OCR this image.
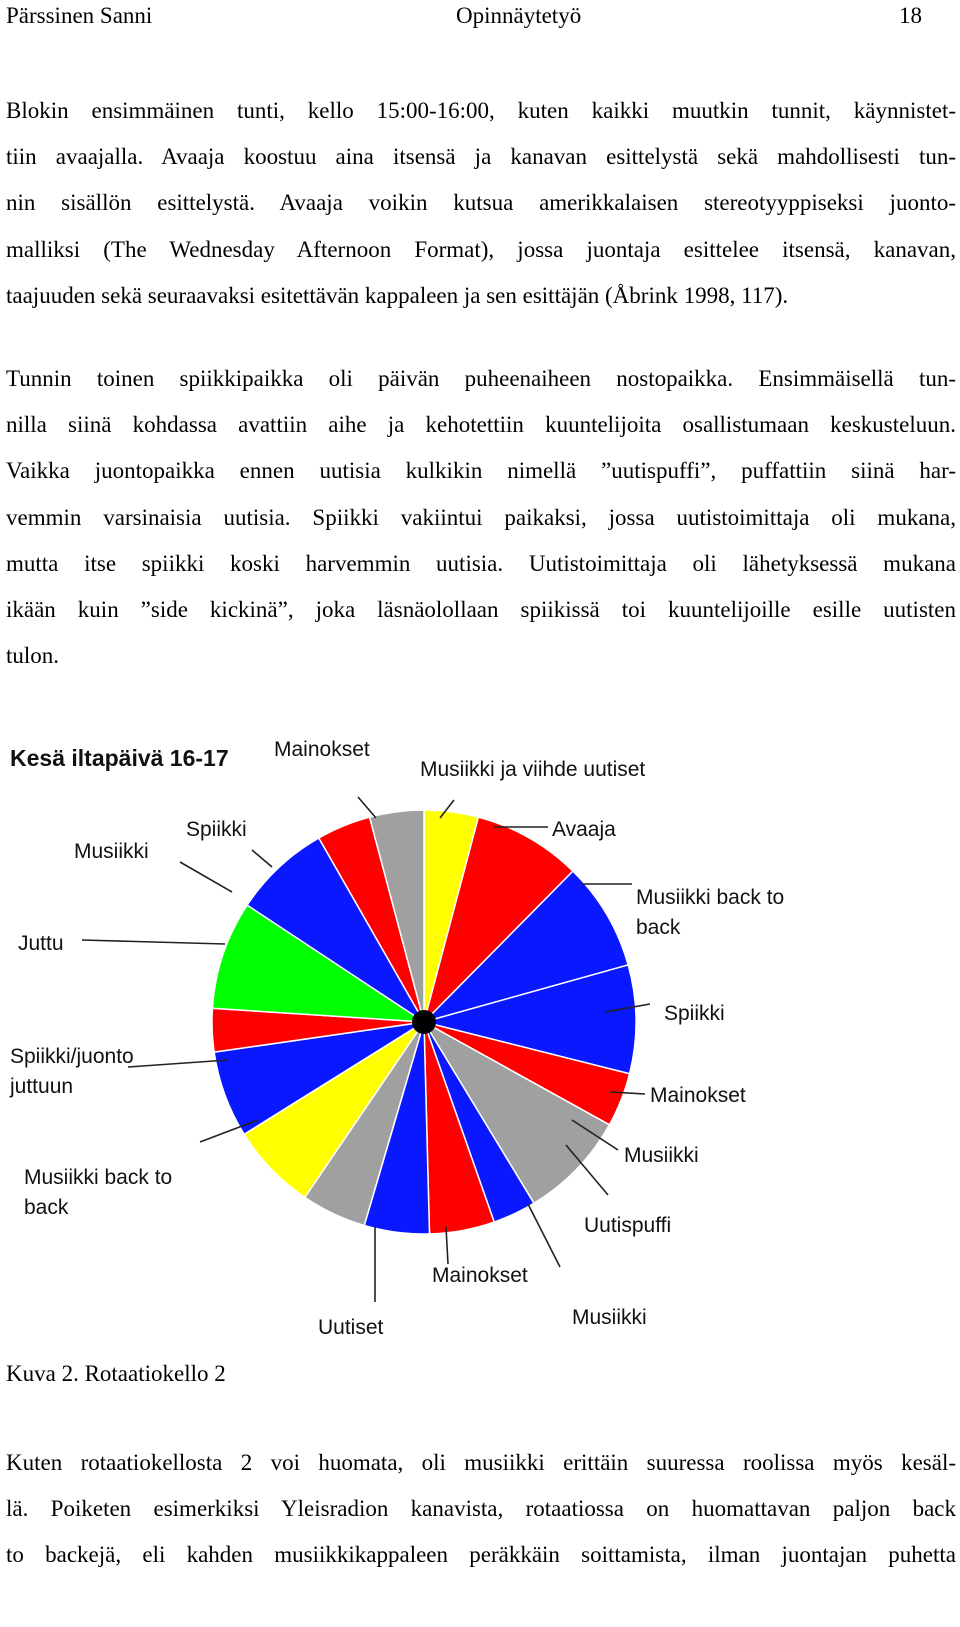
Pärssinen Sanni	Opinnäytetyö	18

Blokin ensimmäinen tunti, kello 15:00-16:00, kuten kaikki muutkin tunnit, käynnistet-
tiin avaajalla. Avaaja koostuu aina itsensä ja kanavan esittelystä sekä mahdollisesti tun-
nin sisällön esittelystä. Avaaja voikin kutsua amerikkalaisen stereotyyppiseksi juonto-
malliksi (The Wednesday Afternoon Format), jossa juontaja esittelee itsensä, kanavan,
taajuuden sekä seuraavaksi esitettävän kappaleen ja sen esittäjän (Åbrink 1998, 117).

Tunnin toinen spiikkipaikka oli päivän puheenaiheen nostopaikka. Ensimmäisellä tun-
nilla siinä kohdassa avattiin aihe ja kehotettiin kuuntelijoita osallistumaan keskusteluun.
Vaikka juontopaikka ennen uutisia kulkikin nimellä ”uutispuffi”, puffattiin siinä har-
vemmin varsinaisia uutisia. Spiikki vakiintui paikaksi, jossa uutistoimittaja oli mukana,
mutta itse spiikki koski harvemmin uutisia. Uutistoimittaja oli lähetyksessä mukana
ikään kuin ”side kickinä”, joka läsnäolollaan spiikissä toi kuuntelijoille esille uutisten
tulon.

Kesä iltapäivä 16-17 Mainokset
Musiikki ja viihde uutiset
Avaaja
Musiikki back to back
Spiikki
Mainokset
Musiikki
Uutispuffi
Musiikki
Mainokset
Uutiset
Musiikki back to back
Spiikki/juonto juttuun
Juttu
Musiikki
Spiikki
Kuva 2. Rotaatiokello 2

Kuten rotaatiokellosta 2 voi huomata, oli musiikki erittäin suuressa roolissa myös kesäl-
lä. Poiketen esimerkiksi Yleisradion kanavista, rotaatiossa on huomattavan paljon back
to backejä, eli kahden musiikkikappaleen peräkkäin soittamista, ilman juontajan puhetta
